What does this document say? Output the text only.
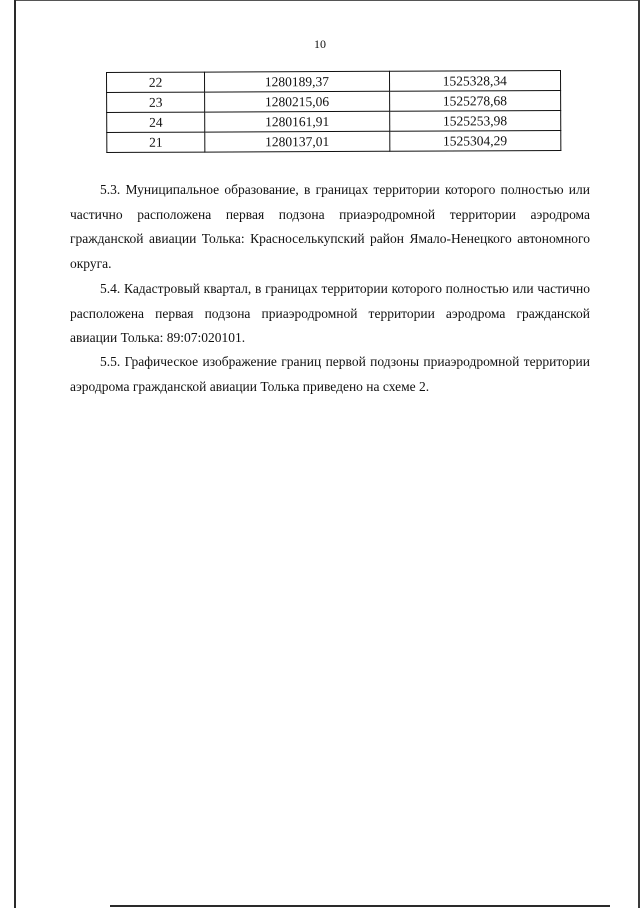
10
22	1280189,37	1525328,34
23	1280215,06	1525278,68
24	1280161,91	1525253,98
21	1280137,01	1525304,29

5.3. Муниципальное образование, в границах территории которого полностью или частично расположена первая подзона приаэродромной территории аэродрома гражданской авиации Толька: Красноселькупский район Ямало-Ненецкого автономного округа.

5.4. Кадастровый квартал, в границах территории которого полностью или частично расположена первая подзона приаэродромной территории аэродрома гражданской авиации Толька: 89:07:020101.

5.5. Графическое изображение границ первой подзоны приаэродромной территории аэродрома гражданской авиации Толька приведено на схеме 2.
